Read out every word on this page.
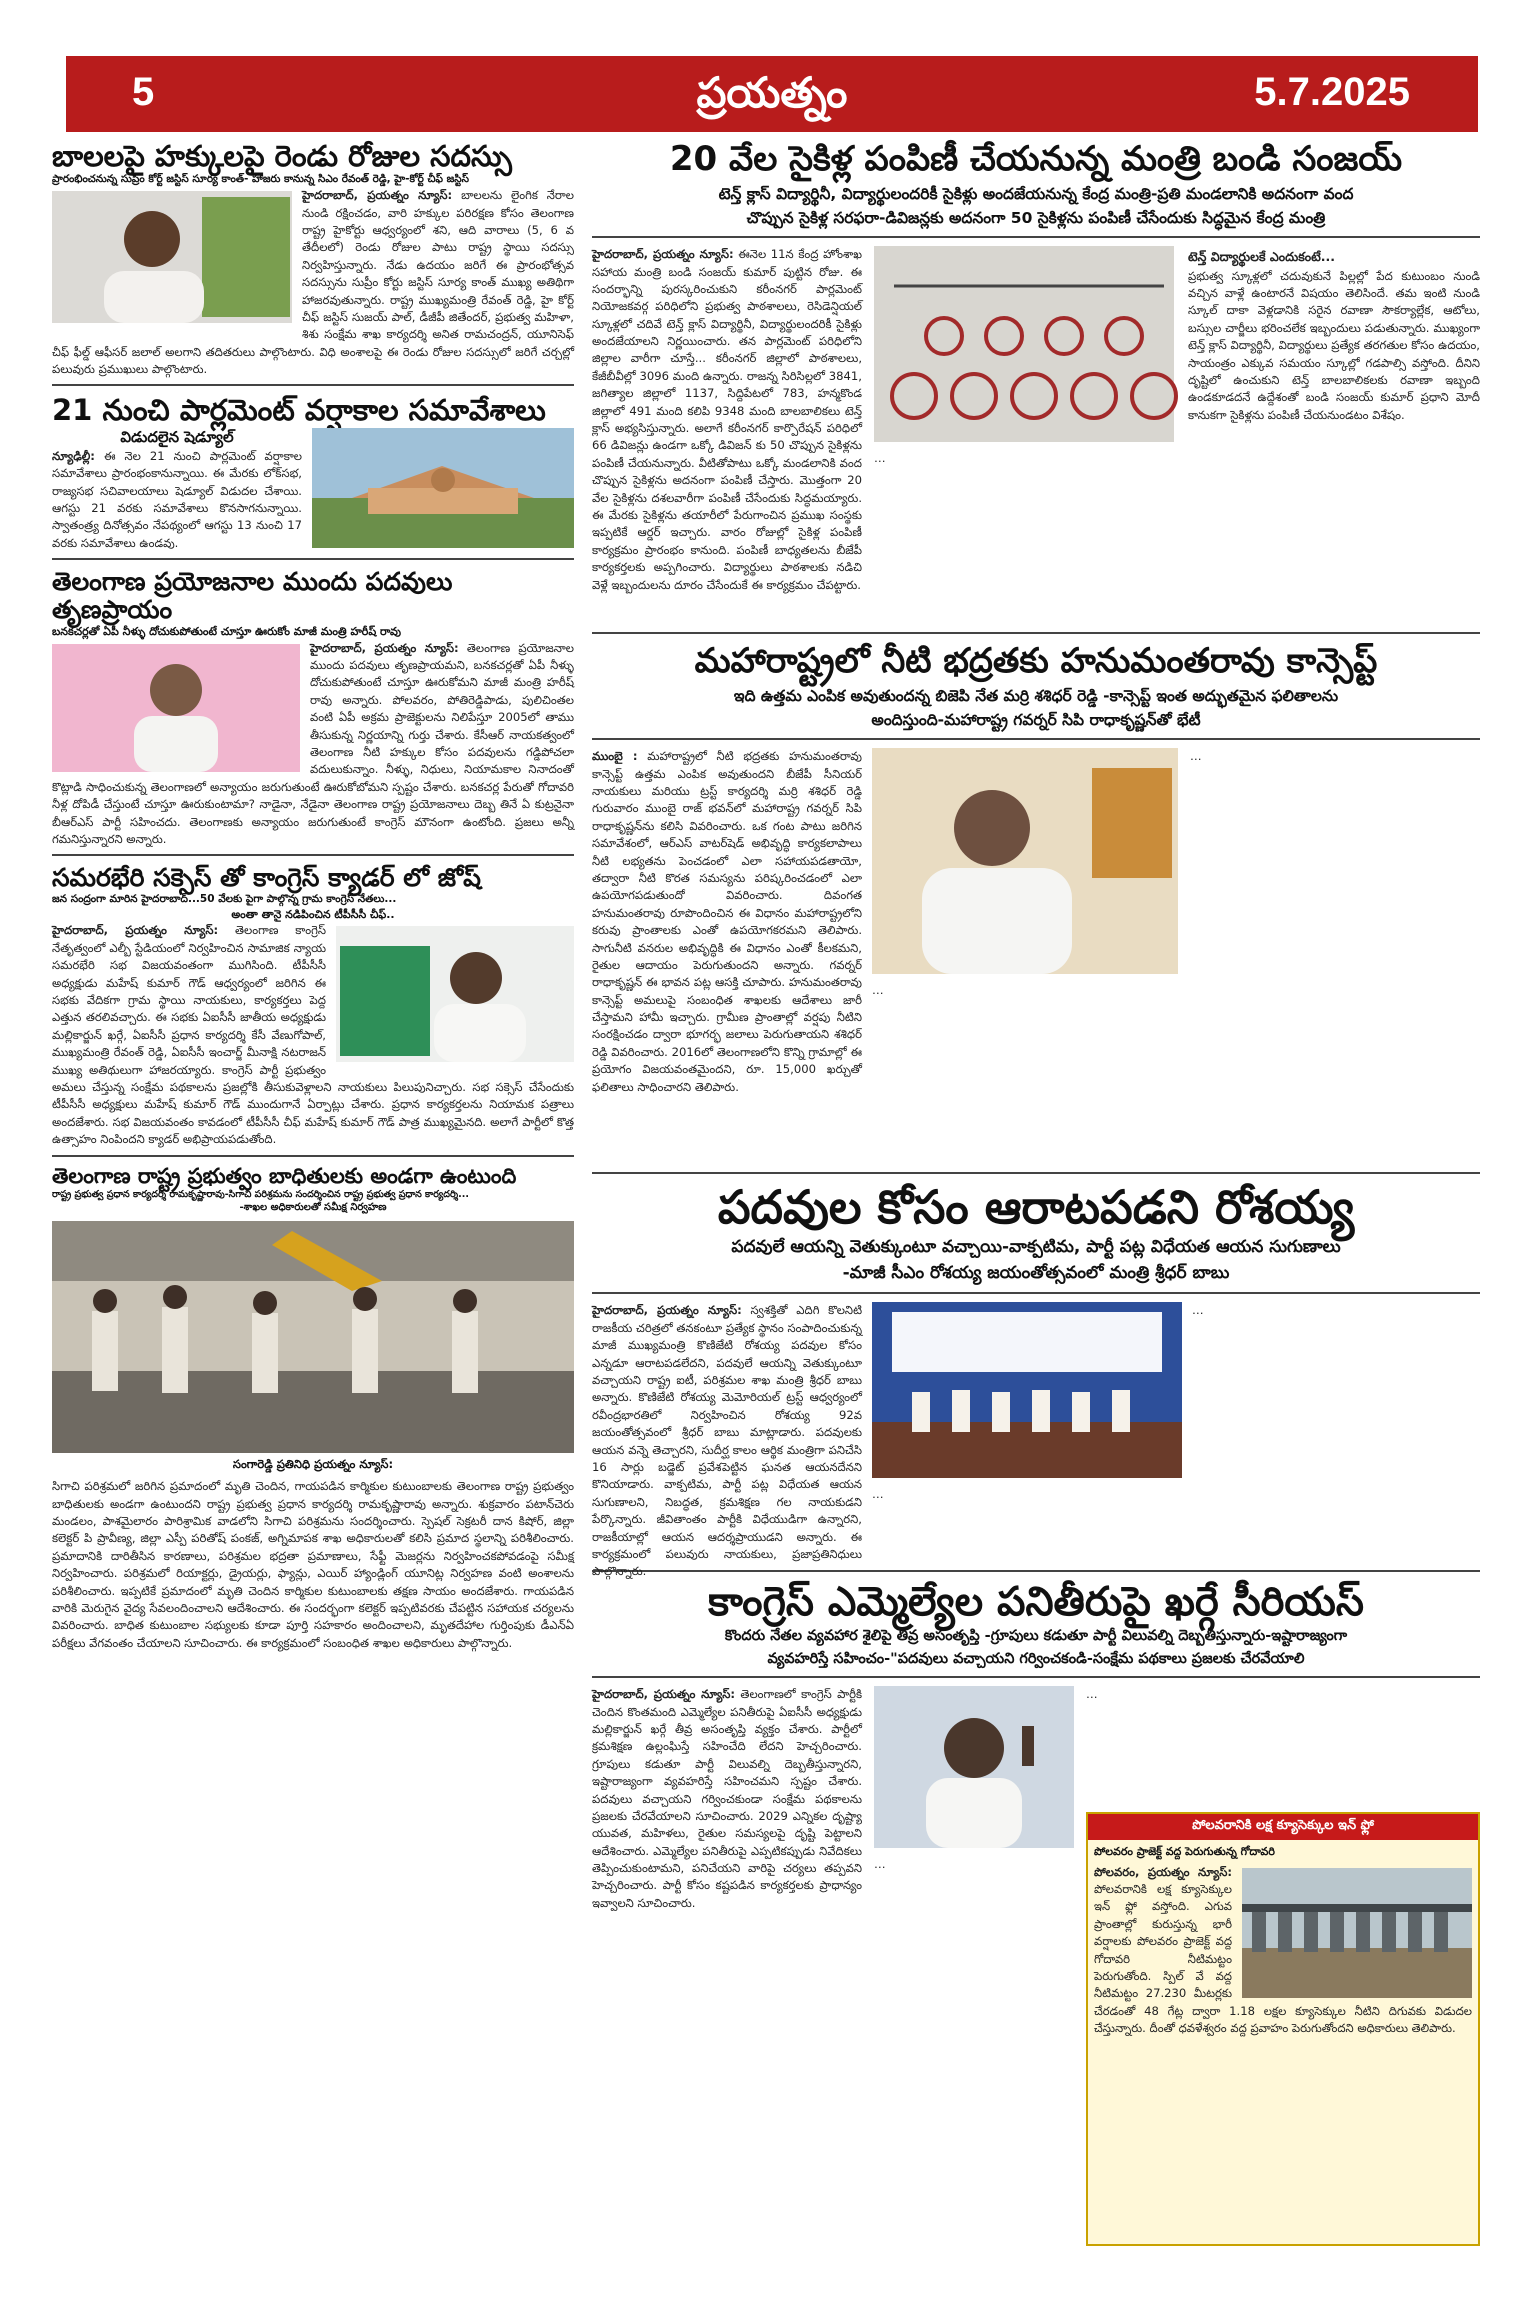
5	ప్రయత్నం	5.7.2025
బాలలపై హక్కులపై రెండు రోజుల సదస్సు
ప్రారంభించనున్న సుప్రీం కోర్ట్ జస్టిస్ సూర్య కాంత్- హాజరు కానున్న సిఎం రేవంత్ రెడ్డి, హై-కోర్ట్ చీఫ్ జస్టిస్
హైదరాబాద్, ప్రయత్నం న్యూస్: బాలలను లైంగిక నేరాల నుండి రక్షించడం, వారి హక్కుల పరిరక్షణ కోసం తెలంగాణ రాష్ట్ర హైకోర్టు ఆధ్వర్యంలో శని, ఆది వారాలు (5, 6 వ తేదీలలో) రెండు రోజుల పాటు రాష్ట్ర స్థాయి సదస్సు నిర్వహిస్తున్నారు. నేడు ఉదయం జరిగే ఈ ప్రారంభోత్సవ సదస్సును సుప్రీం కోర్టు జస్టిస్ సూర్య కాంత్ ముఖ్య అతిథిగా హాజరవుతున్నారు. రాష్ట్ర ముఖ్యమంత్రి రేవంత్ రెడ్డి, హై కోర్ట్ చీఫ్ జస్టిస్ సుజయ్ పాల్, డీజీపీ జితేందర్, ప్రభుత్వ మహిళా, శిశు సంక్షేమ శాఖ కార్యదర్శి అనిత రామచంద్రన్, యూనిసెఫ్ చీఫ్ ఫీల్డ్ ఆఫీసర్ జలాల్ అలగాని తదితరులు పాల్గొంటారు. విధి అంశాలపై ఈ రెండు రోజుల సదస్సులో జరిగే చర్చల్లో పలువురు ప్రముఖులు పాల్గొంటారు.
21 నుంచి పార్లమెంట్ వర్షాకాల సమావేశాలు
విడుదలైన షెడ్యూల్
న్యూఢిల్లీ: ఈ నెల 21 నుంచి పార్లమెంట్ వర్షాకాల సమావేశాలు ప్రారంభంకానున్నాయి. ఈ మేరకు లోక్‌సభ, రాజ్యసభ సచివాలయాలు షెడ్యూల్ విడుదల చేశాయి. ఆగస్టు 21 వరకు సమావేశాలు కొనసాగనున్నాయి. స్వాతంత్ర్య దినోత్సవం నేపథ్యంలో ఆగస్టు 13 నుంచి 17 వరకు సమావేశాలు ఉండవు.
తెలంగాణ ప్రయోజనాల ముందు పదవులు తృణప్రాయం
బనకచర్లతో ఏపీ నీళ్ళు దోచుకుపోతుంటే చూస్తూ ఊరుకోం మాజీ మంత్రి హరీష్ రావు
హైదరాబాద్, ప్రయత్నం న్యూస్: తెలంగాణ ప్రయోజనాల ముందు పదవులు తృణప్రాయమని, బనకచర్లతో ఏపీ నీళ్ళు దోచుకుపోతుంటే చూస్తూ ఊరుకోమని మాజీ మంత్రి హరీష్ రావు అన్నారు. పోలవరం, పోతిరెడ్డిపాడు, పులిచింతల వంటి ఏపీ అక్రమ ప్రాజెక్టులను నిలిపేస్తూ 2005లో తాము తీసుకున్న నిర్ణయాన్ని గుర్తు చేశారు. కేసీఆర్ నాయకత్వంలో తెలంగాణ నీటి హక్కుల కోసం పదవులను గడ్డిపోచలా వదులుకున్నాం. నీళ్ళు, నిధులు, నియామకాల నినాదంతో కొట్లాడి సాధించుకున్న తెలంగాణలో అన్యాయం జరుగుతుంటే ఊరుకోబోమని స్పష్టం చేశారు. బనకచర్ల పేరుతో గోదావరి నీళ్ల దోపిడీ చేస్తుంటే చూస్తూ ఊరుకుంటామా? నాడైనా, నేడైనా తెలంగాణ రాష్ట్ర ప్రయోజనాలు దెబ్బ తినే ఏ కుట్రనైనా బీఆర్ఎస్ పార్టీ సహించదు. తెలంగాణకు అన్యాయం జరుగుతుంటే కాంగ్రెస్ మౌనంగా ఉంటోంది. ప్రజలు అన్నీ గమనిస్తున్నారని అన్నారు.
సమరభేరి సక్సెస్ తో కాంగ్రెస్ క్యాడర్ లో జోష్
జన సంద్రంగా మారిన హైదరాబాద్...50 వేలకు పైగా పాల్గొన్న గ్రామ కాంగ్రెస్ నేతలు...
అంతా తానై నడిపించిన టీపీసీసీ చీఫ్..
హైదరాబాద్, ప్రయత్నం న్యూస్: తెలంగాణ కాంగ్రెస్ నేతృత్వంలో ఎల్బీ స్టేడియంలో నిర్వహించిన సామాజిక న్యాయ సమరభేరి సభ విజయవంతంగా ముగిసింది. టీపీసీసీ అధ్యక్షుడు మహేష్ కుమార్ గౌడ్ ఆధ్వర్యంలో జరిగిన ఈ సభకు వేదికగా గ్రామ స్థాయి నాయకులు, కార్యకర్తలు పెద్ద ఎత్తున తరలివచ్చారు. ఈ సభకు ఏఐసీసీ జాతీయ అధ్యక్షుడు మల్లికార్జున్ ఖర్గే, ఏఐసీసీ ప్రధాన కార్యదర్శి కేసీ వేణుగోపాల్, ముఖ్యమంత్రి రేవంత్ రెడ్డి, ఏఐసీసీ ఇంచార్జ్ మీనాక్షి నటరాజన్ ముఖ్య అతిథులుగా హాజరయ్యారు. కాంగ్రెస్ పార్టీ ప్రభుత్వం అమలు చేస్తున్న సంక్షేమ పథకాలను ప్రజల్లోకి తీసుకువెళ్లాలని నాయకులు పిలుపునిచ్చారు. సభ సక్సెస్ చేసేందుకు టీపీసీసీ అధ్యక్షులు మహేష్ కుమార్ గౌడ్ ముందుగానే ఏర్పాట్లు చేశారు. ప్రధాన కార్యకర్తలను నియామక పత్రాలు అందజేశారు. సభ విజయవంతం కావడంలో టీపీసీసీ చీఫ్ మహేష్ కుమార్ గౌడ్ పాత్ర ముఖ్యమైనది. అలాగే పార్టీలో కొత్త ఉత్సాహం నింపిందని క్యాడర్ అభిప్రాయపడుతోంది.
తెలంగాణ రాష్ట్ర ప్రభుత్వం బాధితులకు అండగా ఉంటుంది
రాష్ట్ర ప్రభుత్వ ప్రధాన కార్యదర్శి రామకృష్ణారావు-సిగాచి పరిశ్రమను సందర్శించిన రాష్ట్ర ప్రభుత్వ ప్రధాన కార్యదర్శి...
-శాఖల అధికారులతో సమీక్ష నిర్వహణ
సంగారెడ్డి ప్రతినిధి ప్రయత్నం న్యూస్:
సిగాచి పరిశ్రమలో జరిగిన ప్రమాదంలో మృతి చెందిన, గాయపడిన కార్మికుల కుటుంబాలకు తెలంగాణ రాష్ట్ర ప్రభుత్వం బాధితులకు అండగా ఉంటుందని రాష్ట్ర ప్రభుత్వ ప్రధాన కార్యదర్శి రామకృష్ణారావు అన్నారు. శుక్రవారం పటాన్‌చెరు మండలం, పాశమైలారం పారిశ్రామిక వాడలోని సిగాచి పరిశ్రమను సందర్శించారు. స్పెషల్ సెక్రటరీ దాన కిషోర్, జిల్లా కలెక్టర్ పి ప్రావీణ్య, జిల్లా ఎస్పీ పరితోష్ పంకజ్, అగ్నిమాపక శాఖ అధికారులతో కలిసి ప్రమాద స్థలాన్ని పరిశీలించారు. ప్రమాదానికి దారితీసిన కారణాలు, పరిశ్రమల భద్రతా ప్రమాణాలు, సేఫ్టీ మెజర్లను నిర్వహించకపోవడంపై సమీక్ష నిర్వహించారు. పరిశ్రమలో రియాక్టర్లు, డ్రైయర్లు, ఫ్యాన్లు, ఎయిర్ హ్యాండ్లింగ్ యూనిట్ల నిర్వహణ వంటి అంశాలను పరిశీలించారు. ఇప్పటికే ప్రమాదంలో మృతి చెందిన కార్మికుల కుటుంబాలకు తక్షణ సాయం అందజేశారు. గాయపడిన వారికి మెరుగైన వైద్య సేవలందించాలని ఆదేశించారు. ఈ సందర్భంగా కలెక్టర్ ఇప్పటివరకు చేపట్టిన సహాయక చర్యలను వివరించారు. బాధిత కుటుంబాల సభ్యులకు కూడా పూర్తి సహకారం అందించాలని, మృతదేహాల గుర్తింపుకు డీఎన్ఏ పరీక్షలు వేగవంతం చేయాలని సూచించారు. ఈ కార్యక్రమంలో సంబంధిత శాఖల అధికారులు పాల్గొన్నారు.
20 వేల సైకిళ్ల పంపిణీ చేయనున్న మంత్రి బండి సంజయ్
టెన్త్ క్లాస్ విద్యార్థినీ, విద్యార్థులందరికీ సైకిళ్లు అందజేయనున్న కేంద్ర మంత్రి-ప్రతి మండలానికి అదనంగా వంద
చొప్పున సైకిళ్ల సరఫరా-డివిజన్లకు అదనంగా 50 సైకిళ్లను పంపిణీ చేసేందుకు సిద్ధమైన కేంద్ర మంత్రి
హైదరాబాద్, ప్రయత్నం న్యూస్: ఈనెల 11న కేంద్ర హోంశాఖ సహాయ మంత్రి బండి సంజయ్ కుమార్ పుట్టిన రోజు. ఈ సందర్భాన్ని పురస్కరించుకుని కరీంనగర్ పార్లమెంట్ నియోజకవర్గ పరిధిలోని ప్రభుత్వ పాఠశాలలు, రెసిడెన్షియల్ స్కూళ్లలో చదివే టెన్త్ క్లాస్ విద్యార్థినీ, విద్యార్థులందరికీ సైకిళ్లు అందజేయాలని నిర్ణయించారు. తన పార్లమెంట్ పరిధిలోని జిల్లాల వారీగా చూస్తే... కరీంనగర్ జిల్లాలో పాఠశాలలు, కేజీబీవీల్లో 3096 మంది ఉన్నారు. రాజన్న సిరిసిల్లలో 3841, జగిత్యాల జిల్లాలో 1137, సిద్దిపేటలో 783, హన్మకొండ జిల్లాలో 491 మంది కలిపి 9348 మంది బాలబాలికలు టెన్త్ క్లాస్ అభ్యసిస్తున్నారు. అలాగే కరీంనగర్ కార్పొరేషన్ పరిధిలో 66 డివిజన్లు ఉండగా ఒక్కో డివిజన్ కు 50 చొప్పున సైకిళ్లను పంపిణీ చేయనున్నారు. వీటితోపాటు ఒక్కో మండలానికి వంద చొప్పున సైకిళ్లను అదనంగా పంపిణీ చేస్తారు. మొత్తంగా 20 వేల సైకిళ్లను దశలవారీగా పంపిణీ చేసేందుకు సిద్ధమయ్యారు. ఈ మేరకు సైకిళ్లను తయారీలో పేరుగాంచిన ప్రముఖ సంస్థకు ఇప్పటికే ఆర్డర్ ఇచ్చారు. వారం రోజుల్లో సైకిళ్ల పంపిణీ కార్యక్రమం ప్రారంభం కానుంది. పంపిణీ బాధ్యతలను బీజేపీ కార్యకర్తలకు అప్పగించారు. విద్యార్థులు పాఠశాలకు నడిచి వెళ్లే ఇబ్బందులను దూరం చేసేందుకే ఈ కార్యక్రమం చేపట్టారు.
…
టెన్త్ విద్యార్థులకే ఎందుకంటే...
ప్రభుత్వ స్కూళ్లలో చదువుకునే పిల్లల్లో పేద కుటుంబం నుండి వచ్చిన వాళ్లే ఉంటారనే విషయం తెలిసిందే. తమ ఇంటి నుండి స్కూల్ దాకా వెళ్లడానికి సరైన రవాణా సౌకర్యాల్లేక, ఆటోలు, బస్సుల చార్జీలు భరించలేక ఇబ్బందులు పడుతున్నారు. ముఖ్యంగా టెన్త్ క్లాస్ విద్యార్థినీ, విద్యార్థులు ప్రత్యేక తరగతుల కోసం ఉదయం, సాయంత్రం ఎక్కువ సమయం స్కూల్లో గడపాల్సి వస్తోంది. దీనిని దృష్టిలో ఉంచుకుని టెన్త్ బాలబాలికలకు రవాణా ఇబ్బంది ఉండకూడదనే ఉద్దేశంతో బండి సంజయ్ కుమార్ ప్రధాని మోదీ కానుకగా సైకిళ్లను పంపిణీ చేయనుండటం విశేషం.
మహారాష్ట్రలో నీటి భద్రతకు హనుమంతరావు కాన్సెప్ట్
ఇది ఉత్తమ ఎంపిక అవుతుందన్న బిజెపి నేత మర్రి శశిధర్ రెడ్డి -కాన్సెప్ట్ ఇంత అద్భుతమైన ఫలితాలను
అందిస్తుంది-మహారాష్ట్ర గవర్నర్ సిపి రాధాకృష్ణన్‌తో భేటీ
ముంబై : మహారాష్ట్రలో నీటి భద్రతకు హనుమంతరావు కాన్సెప్ట్ ఉత్తమ ఎంపిక అవుతుందని బీజేపీ సీనియర్ నాయకులు మరియు ట్రస్ట్ కార్యదర్శి మర్రి శశిధర్ రెడ్డి గురువారం ముంబై రాజ్ భవన్‌లో మహారాష్ట్ర గవర్నర్ సిపి రాధాకృష్ణన్‌ను కలిసి వివరించారు. ఒక గంట పాటు జరిగిన సమావేశంలో, ఆర్‌ఎస్ వాటర్‌షెడ్ అభివృద్ధి కార్యకలాపాలు నీటి లభ్యతను పెంచడంలో ఎలా సహాయపడతాయో, తద్వారా నీటి కొరత సమస్యను పరిష్కరించడంలో ఎలా ఉపయోగపడుతుందో వివరించారు. దివంగత హనుమంతరావు రూపొందించిన ఈ విధానం మహారాష్ట్రలోని కరువు ప్రాంతాలకు ఎంతో ఉపయోగకరమని తెలిపారు. సాగునీటి వనరుల అభివృద్ధికి ఈ విధానం ఎంతో కీలకమని, రైతుల ఆదాయం పెరుగుతుందని అన్నారు. గవర్నర్ రాధాకృష్ణన్ ఈ భావన పట్ల ఆసక్తి చూపారు. హనుమంతరావు కాన్సెప్ట్ అమలుపై సంబంధిత శాఖలకు ఆదేశాలు జారీ చేస్తామని హామీ ఇచ్చారు. గ్రామీణ ప్రాంతాల్లో వర్షపు నీటిని సంరక్షించడం ద్వారా భూగర్భ జలాలు పెరుగుతాయని శశిధర్ రెడ్డి వివరించారు. 2016లో తెలంగాణలోని కొన్ని గ్రామాల్లో ఈ ప్రయోగం విజయవంతమైందని, రూ. 15,000 ఖర్చుతో ఫలితాలు సాధించారని తెలిపారు.
…
…
పదవుల కోసం ఆరాటపడని రోశయ్య
పదవులే ఆయన్ని వెతుక్కుంటూ వచ్చాయి-వాక్పటిమ, పార్టీ పట్ల విధేయత ఆయన సుగుణాలు
-మాజీ సీఎం రోశయ్య జయంతోత్సవంలో మంత్రి శ్రీధర్ బాబు
హైదరాబాద్, ప్రయత్నం న్యూస్: స్వశక్తితో ఎదిగి కొలనిటి రాజకీయ చరిత్రలో తనకంటూ ప్రత్యేక స్థానం సంపాదించుకున్న మాజీ ముఖ్యమంత్రి కొణిజేటి రోశయ్య పదవుల కోసం ఎన్నడూ ఆరాటపడలేదని, పదవులే ఆయన్ని వెతుక్కుంటూ వచ్చాయని రాష్ట్ర ఐటీ, పరిశ్రమల శాఖ మంత్రి శ్రీధర్ బాబు అన్నారు. కొణిజేటి రోశయ్య మెమోరియల్ ట్రస్ట్ ఆధ్వర్యంలో రవీంద్రభారతిలో నిర్వహించిన రోశయ్య 92వ జయంతోత్సవంలో శ్రీధర్ బాబు మాట్లాడారు. పదవులకు ఆయన వన్నె తెచ్చారని, సుదీర్ఘ కాలం ఆర్థిక మంత్రిగా పనిచేసి 16 సార్లు బడ్జెట్ ప్రవేశపెట్టిన ఘనత ఆయనదేనని కొనియాడారు. వాక్పటిమ, పార్టీ పట్ల విధేయత ఆయన సుగుణాలని, నిబద్ధత, క్రమశిక్షణ గల నాయకుడని పేర్కొన్నారు. జీవితాంతం పార్టీకి విధేయుడిగా ఉన్నారని, రాజకీయాల్లో ఆయన ఆదర్శప్రాయుడని అన్నారు. ఈ కార్యక్రమంలో పలువురు నాయకులు, ప్రజాప్రతినిధులు పాల్గొన్నారు.
…
…
కాంగ్రెస్ ఎమ్మెల్యేల పనితీరుపై ఖర్గే సీరియస్
కొందరు నేతల వ్యవహార శైలిపై తీవ్ర అసంతృప్తి -గ్రూపులు కడుతూ పార్టీ విలువల్ని దెబ్బతీస్తున్నారు-ఇష్టారాజ్యంగా
వ్యవహరిస్తే సహించం-"పదవులు వచ్చాయని గర్వించకండి-సంక్షేమ పథకాలు ప్రజలకు చేరవేయాలి
హైదరాబాద్, ప్రయత్నం న్యూస్: తెలంగాణలో కాంగ్రెస్ పార్టీకి చెందిన కొంతమంది ఎమ్మెల్యేల పనితీరుపై ఏఐసీసీ అధ్యక్షుడు మల్లికార్జున్ ఖర్గే తీవ్ర అసంతృప్తి వ్యక్తం చేశారు. పార్టీలో క్రమశిక్షణ ఉల్లంఘిస్తే సహించేది లేదని హెచ్చరించారు. గ్రూపులు కడుతూ పార్టీ విలువల్ని దెబ్బతీస్తున్నారని, ఇష్టారాజ్యంగా వ్యవహరిస్తే సహించమని స్పష్టం చేశారు. పదవులు వచ్చాయని గర్వించకుండా సంక్షేమ పథకాలను ప్రజలకు చేరవేయాలని సూచించారు. 2029 ఎన్నికల దృష్ట్యా యువత, మహిళలు, రైతుల సమస్యలపై దృష్టి పెట్టాలని ఆదేశించారు. ఎమ్మెల్యేల పనితీరుపై ఎప్పటికప్పుడు నివేదికలు తెప్పించుకుంటామని, పనిచేయని వారిపై చర్యలు తప్పవని హెచ్చరించారు. పార్టీ కోసం కష్టపడిన కార్యకర్తలకు ప్రాధాన్యం ఇవ్వాలని సూచించారు.
…
…
పోలవరానికి లక్ష క్యూసెక్కుల ఇన్ ఫ్లో
పోలవరం ప్రాజెక్ట్ వద్ద పెరుగుతున్న గోదావరి
పోలవరం, ప్రయత్నం న్యూస్: పోలవరానికి లక్ష క్యూసెక్కుల ఇన్ ఫ్లో వస్తోంది. ఎగువ ప్రాంతాల్లో కురుస్తున్న భారీ వర్షాలకు పోలవరం ప్రాజెక్ట్ వద్ద గోదావరి నీటిమట్టం పెరుగుతోంది. స్పిల్ వే వద్ద నీటిమట్టం 27.230 మీటర్లకు చేరడంతో 48 గేట్ల ద్వారా 1.18 లక్షల క్యూసెక్కుల నీటిని దిగువకు విడుదల చేస్తున్నారు. దీంతో ధవళేశ్వరం వద్ద ప్రవాహం పెరుగుతోందని అధికారులు తెలిపారు.
